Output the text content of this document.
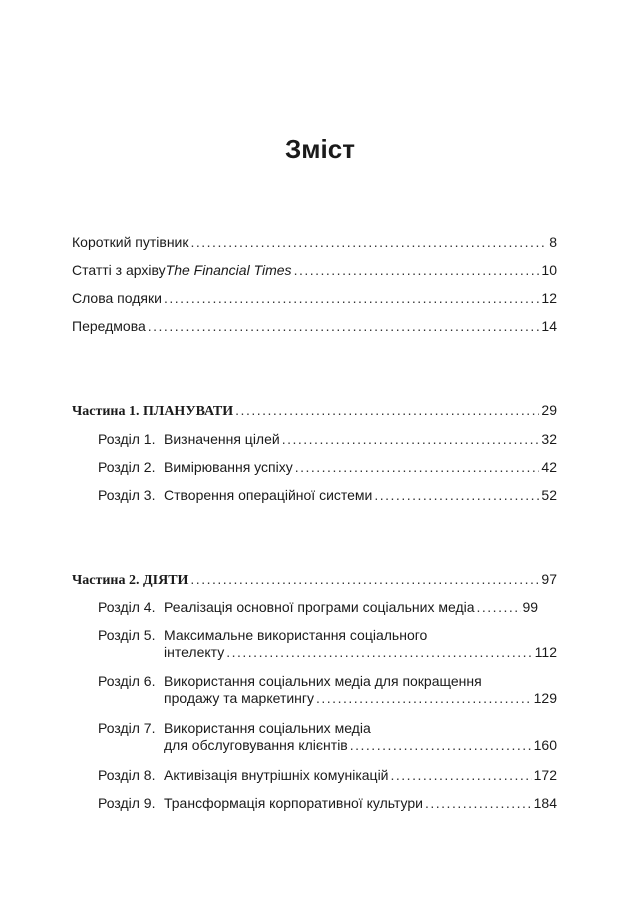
Зміст
Короткий путівник .....	8
Статті з архіву The Financial Times .....	10
Слова подяки .....	12
Передмова .....	14
Частина 1. ПЛАНУВАТИ .....	29
Розділ 1. Визначення цілей .....	32
Розділ 2. Вимірювання успіху .....	42
Розділ 3. Створення операційної системи .....	52
Частина 2. ДІЯТИ .....	97
Розділ 4. Реалізація основної програми соціальних медіа .....	99
Розділ 5. Максимальне використання соціального
інтелекту .....	112
Розділ 6. Використання соціальних медіа для покращення
продажу та маркетингу .....	129
Розділ 7. Використання соціальних медіа
для обслуговування клієнтів .....	160
Розділ 8. Активізація внутрішніх комунікацій .....	172
Розділ 9. Трансформація корпоративної культури .....	184
